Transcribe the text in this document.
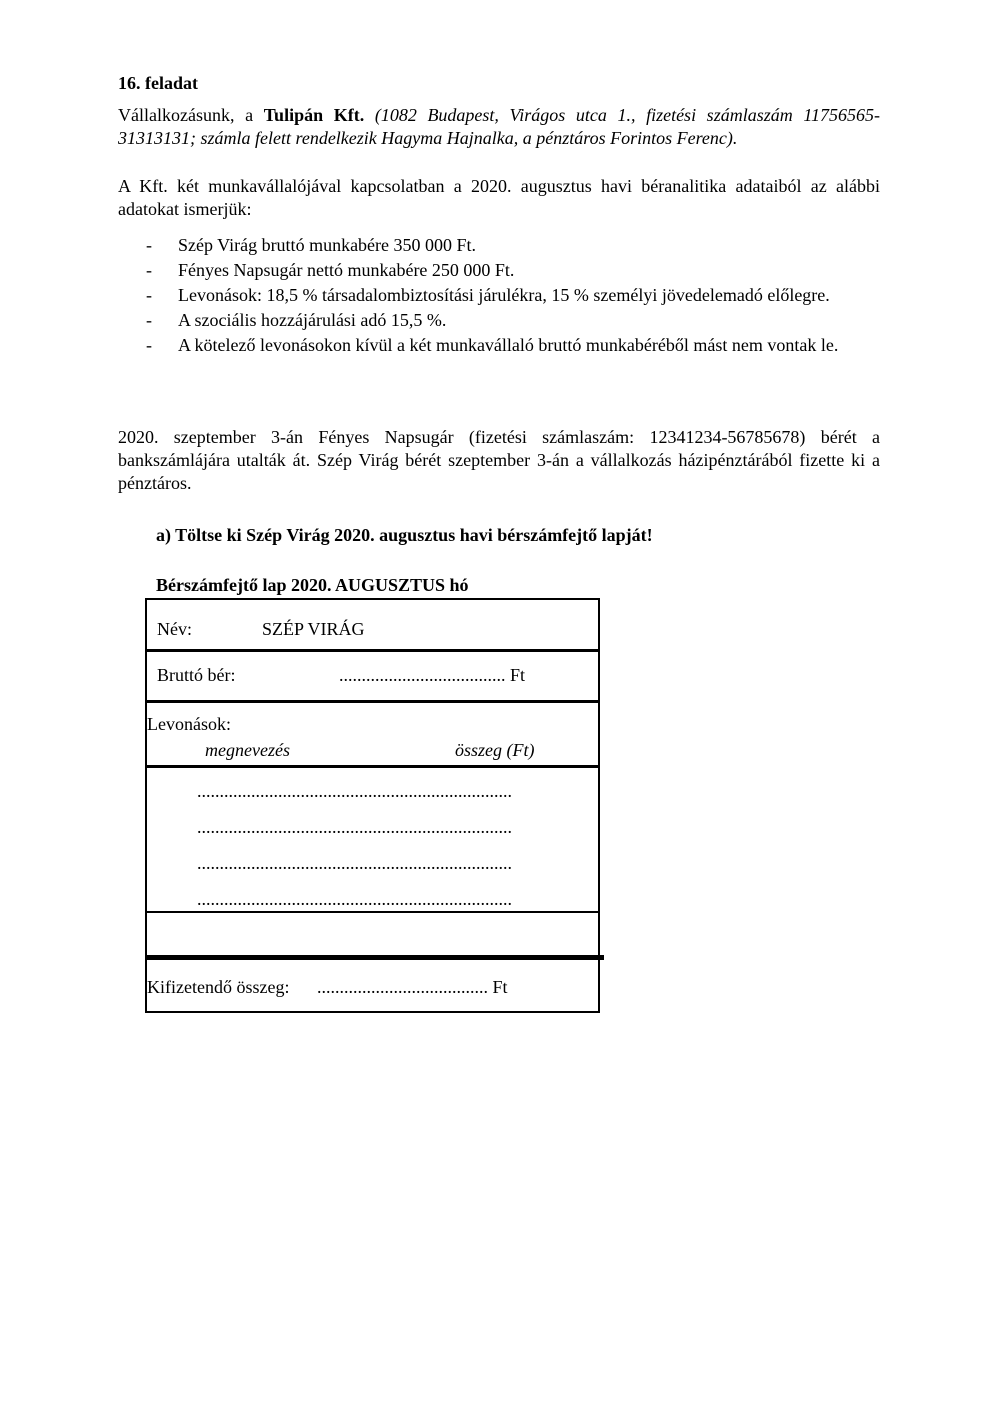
16. feladat
Vállalkozásunk, a Tulipán Kft. (1082 Budapest, Virágos utca 1., fizetési számlaszám 11756565-31313131; számla felett rendelkezik Hagyma Hajnalka, a pénztáros Forintos Ferenc).
A Kft. két munkavállalójával kapcsolatban a 2020. augusztus havi béranalitika adataiból az alábbi adatokat ismerjük:
- Szép Virág bruttó munkabére 350 000 Ft.
- Fényes Napsugár nettó munkabére 250 000 Ft.
- Levonások: 18,5 % társadalombiztosítási járulékra, 15 % személyi jövedelemadó előlegre.
- A szociális hozzájárulási adó 15,5 %.
- A kötelező levonásokon kívül a két munkavállaló bruttó munkabéréből mást nem vontak le.
2020. szeptember 3-án Fényes Napsugár (fizetési számlaszám: 12341234-56785678) bérét a bankszámlájára utalták át. Szép Virág bérét szeptember 3-án a vállalkozás házipénztárából fizette ki a pénztáros.
a) Töltse ki Szép Virág 2020. augusztus havi bérszámfejtő lapját!
Bérszámfejtő lap 2020. AUGUSZTUS hó
Név:	SZÉP VIRÁG
Bruttó bér:	..................................... Ft
Levonások:
megnevezés	összeg (Ft)
......................................................................
......................................................................
......................................................................
......................................................................
Kifizetendő összeg: ...................................... Ft
